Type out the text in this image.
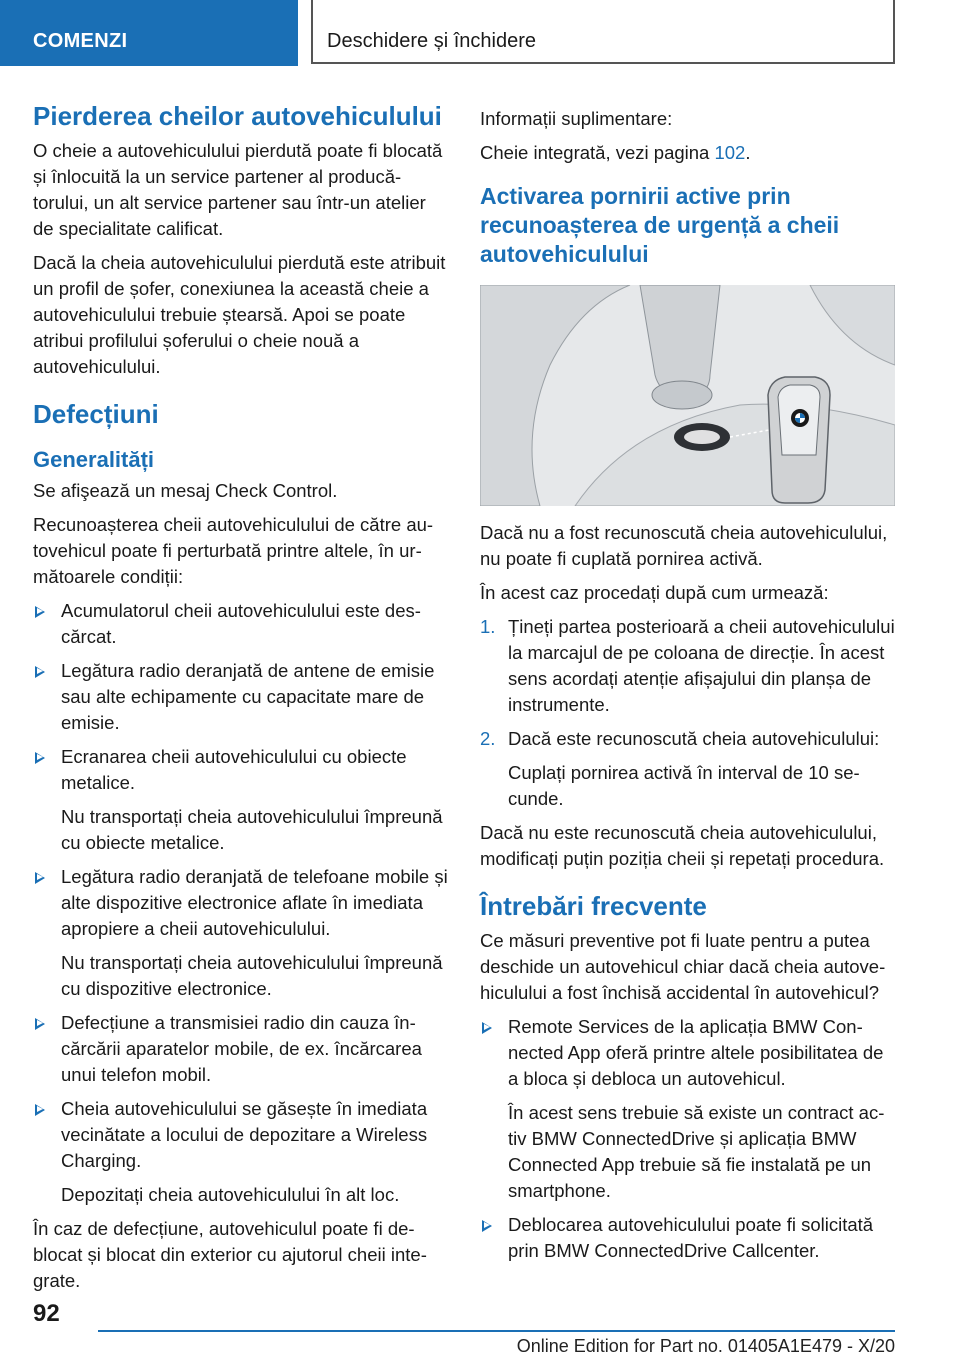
COMENZI	Deschidere și închidere
Pierderea cheilor autovehiculului

O cheie a autovehiculului pierdută poate fi blocată și înlocuită la un service partener al producătorului, un alt service partener sau într-un atelier de specialitate calificat.

Dacă la cheia autovehiculului pierdută este atribuit un profil de șofer, conexiunea la această cheie a autovehiculului trebuie ștearsă. Apoi se poate atribui profilului șoferului o cheie nouă a autovehiculului.

Defecțiuni
Generalități

Se afişează un mesaj Check Control.

Recunoașterea cheii autovehiculului de către autovehicul poate fi perturbată printre altele, în următoarele condiții:

Acumulatorul cheii autovehiculului este descărcat.
Legătura radio deranjată de antene de emisie sau alte echipamente cu capacitate mare de emisie.
Ecranarea cheii autovehiculului cu obiecte metalice.
Nu transportați cheia autovehiculului împreună cu obiecte metalice.
Legătura radio deranjată de telefoane mobile și alte dispozitive electronice aflate în imediata apropiere a cheii autovehiculului.
Nu transportați cheia autovehiculului împreună cu dispozitive electronice.
Defecțiune a transmisiei radio din cauza încărcării aparatelor mobile, de ex. încărcarea unui telefon mobil.
Cheia autovehiculului se găsește în imediata vecinătate a locului de depozitare a Wireless Charging.
Depozitați cheia autovehiculului în alt loc.

În caz de defecțiune, autovehiculul poate fi deblocat și blocat din exterior cu ajutorul cheii integrate.

Informații suplimentare:

Cheie integrată, vezi pagina 102.

Activarea pornirii active prin recunoașterea de urgență a cheii autovehiculului

Dacă nu a fost recunoscută cheia autovehiculului, nu poate fi cuplată pornirea activă.

În acest caz procedați după cum urmează:

1. Țineți partea posterioară a cheii autovehiculului la marcajul de pe coloana de direcție. În acest sens acordați atenție afișajului din planșa de instrumente.
2. Dacă este recunoscută cheia autovehiculului:
Cuplați pornirea activă în interval de 10 secunde.

Dacă nu este recunoscută cheia autovehiculului, modificați puțin poziția cheii și repetați procedura.

Întrebări frecvente

Ce măsuri preventive pot fi luate pentru a putea deschide un autovehicul chiar dacă cheia autovehiculului a fost închisă accidental în autovehicul?

Remote Services de la aplicația BMW Connected App oferă printre altele posibilitatea de a bloca și debloca un autovehicul.
În acest sens trebuie să existe un contract activ BMW ConnectedDrive și aplicația BMW Connected App trebuie să fie instalată pe un smartphone.
Deblocarea autovehiculului poate fi solicitată prin BMW ConnectedDrive Callcenter.
92
Online Edition for Part no. 01405A1E479 - X/20
